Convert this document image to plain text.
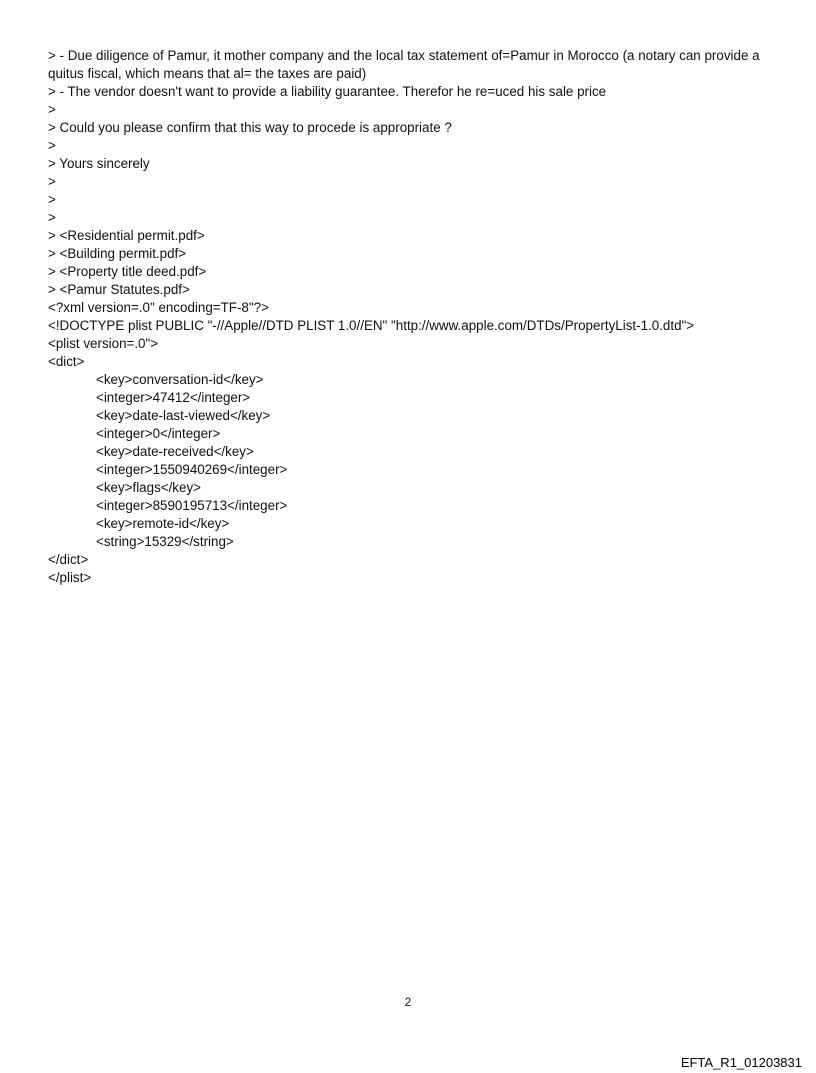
> - Due diligence of Pamur, it mother company and the local tax statement of=Pamur in Morocco (a notary can provide a quitus fiscal, which means that al= the taxes are paid)
> - The vendor doesn't want to provide a liability guarantee. Therefor he re=uced his sale price
>
> Could you please confirm that this way to procede is appropriate ?
>
> Yours sincerely
>
>
>
> <Residential permit.pdf>
> <Building permit.pdf>
> <Property title deed.pdf>
> <Pamur Statutes.pdf>
<?xml version=.0" encoding=TF-8"?>
<!DOCTYPE plist PUBLIC "-//Apple//DTD PLIST 1.0//EN" "http://www.apple.com/DTDs/PropertyList-1.0.dtd">
<plist version=.0">
<dict>
<key>conversation-id</key>
<integer>47412</integer>
<key>date-last-viewed</key>
<integer>0</integer>
<key>date-received</key>
<integer>1550940269</integer>
<key>flags</key>
<integer>8590195713</integer>
<key>remote-id</key>
<string>15329</string>
</dict>
</plist>
2
EFTA_R1_01203831
